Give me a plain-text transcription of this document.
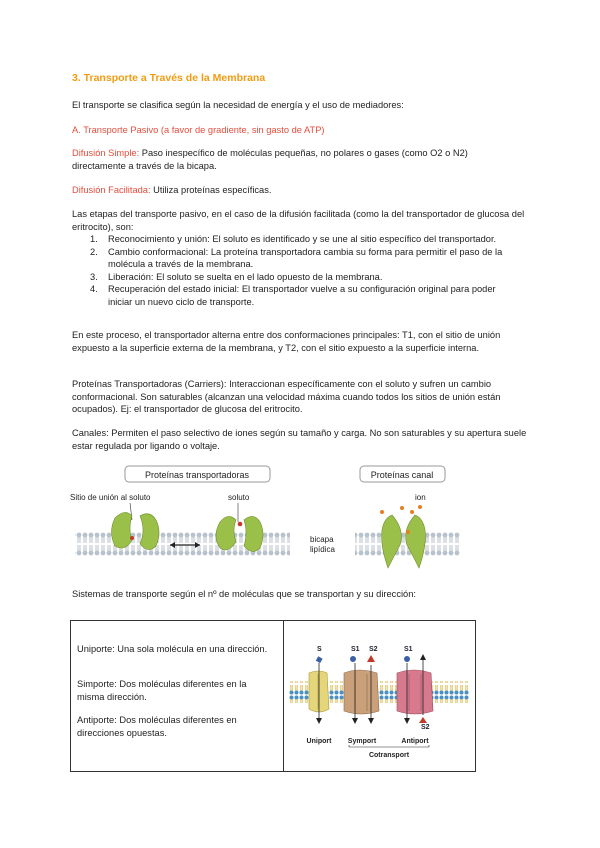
3. Transporte a Través de la Membrana
El transporte se clasifica según la necesidad de energía y el uso de mediadores:
A. Transporte Pasivo (a favor de gradiente, sin gasto de ATP)
Difusión Simple: Paso inespecífico de moléculas pequeñas, no polares o gases (como O2 o N2) directamente a través de la bicapa.
Difusión Facilitada: Utiliza proteínas específicas.
Las etapas del transporte pasivo, en el caso de la difusión facilitada (como la del transportador de glucosa del eritrocito), son:
1. Reconocimiento y unión: El soluto es identificado y se une al sitio específico del transportador.
2. Cambio conformacional: La proteína transportadora cambia su forma para permitir el paso de la molécula a través de la membrana.
3. Liberación: El soluto se suelta en el lado opuesto de la membrana.
4. Recuperación del estado inicial: El transportador vuelve a su configuración original para poder iniciar un nuevo ciclo de transporte.
En este proceso, el transportador alterna entre dos conformaciones principales: T1, con el sitio de unión expuesto a la superficie externa de la membrana, y T2, con el sitio expuesto a la superficie interna.
Proteínas Transportadoras (Carriers): Interaccionan específicamente con el soluto y sufren un cambio conformacional. Son saturables (alcanzan una velocidad máxima cuando todos los sitios de unión están ocupados). Ej: el transportador de glucosa del eritrocito.
Canales: Permiten el paso selectivo de iones según su tamaño y carga. No son saturables y su apertura suele estar regulada por ligando o voltaje.
Proteínas transportadoras	Proteínas canal
Sitio de unión al soluto	soluto	ion
bicapa
lipídica
Sistemas de transporte según el nº de moléculas que se transportan y su dirección:
Uniporte: Una sola molécula en una dirección.
Simporte: Dos moléculas diferentes en la misma dirección.
Antiporte: Dos moléculas diferentes en direcciones opuestas.
S	S1 S2	S1
S2
Uniport Symport	Antiport
Cotransport
